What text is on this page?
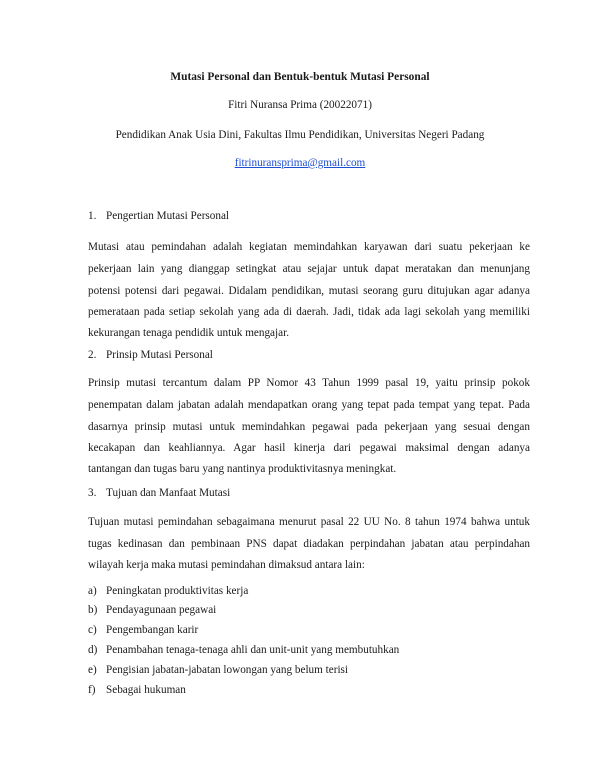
Mutasi Personal dan Bentuk-bentuk Mutasi Personal
Fitri Nuransa Prima (20022071)
Pendidikan Anak Usia Dini, Fakultas Ilmu Pendidikan, Universitas Negeri Padang
fitrinuransprima@gmail.com
1. Pengertian Mutasi Personal
Mutasi atau pemindahan adalah kegiatan memindahkan karyawan dari suatu pekerjaan ke
pekerjaan lain yang dianggap setingkat atau sejajar untuk dapat meratakan dan menunjang
potensi potensi dari pegawai. Didalam pendidikan, mutasi seorang guru ditujukan agar adanya
pemerataan pada setiap sekolah yang ada di daerah. Jadi, tidak ada lagi sekolah yang memiliki
kekurangan tenaga pendidik untuk mengajar.
2. Prinsip Mutasi Personal
Prinsip mutasi tercantum dalam PP Nomor 43 Tahun 1999 pasal 19, yaitu prinsip pokok
penempatan dalam jabatan adalah mendapatkan orang yang tepat pada tempat yang tepat. Pada
dasarnya prinsip mutasi untuk memindahkan pegawai pada pekerjaan yang sesuai dengan
kecakapan dan keahliannya. Agar hasil kinerja dari pegawai maksimal dengan adanya
tantangan dan tugas baru yang nantinya produktivitasnya meningkat.
3. Tujuan dan Manfaat Mutasi
Tujuan mutasi pemindahan sebagaimana menurut pasal 22 UU No. 8 tahun 1974 bahwa untuk
tugas kedinasan dan pembinaan PNS dapat diadakan perpindahan jabatan atau perpindahan
wilayah kerja maka mutasi pemindahan dimaksud antara lain:
a) Peningkatan produktivitas kerja
b) Pendayagunaan pegawai
c) Pengembangan karir
d) Penambahan tenaga-tenaga ahli dan unit-unit yang membutuhkan
e) Pengisian jabatan-jabatan lowongan yang belum terisi
f) Sebagai hukuman
